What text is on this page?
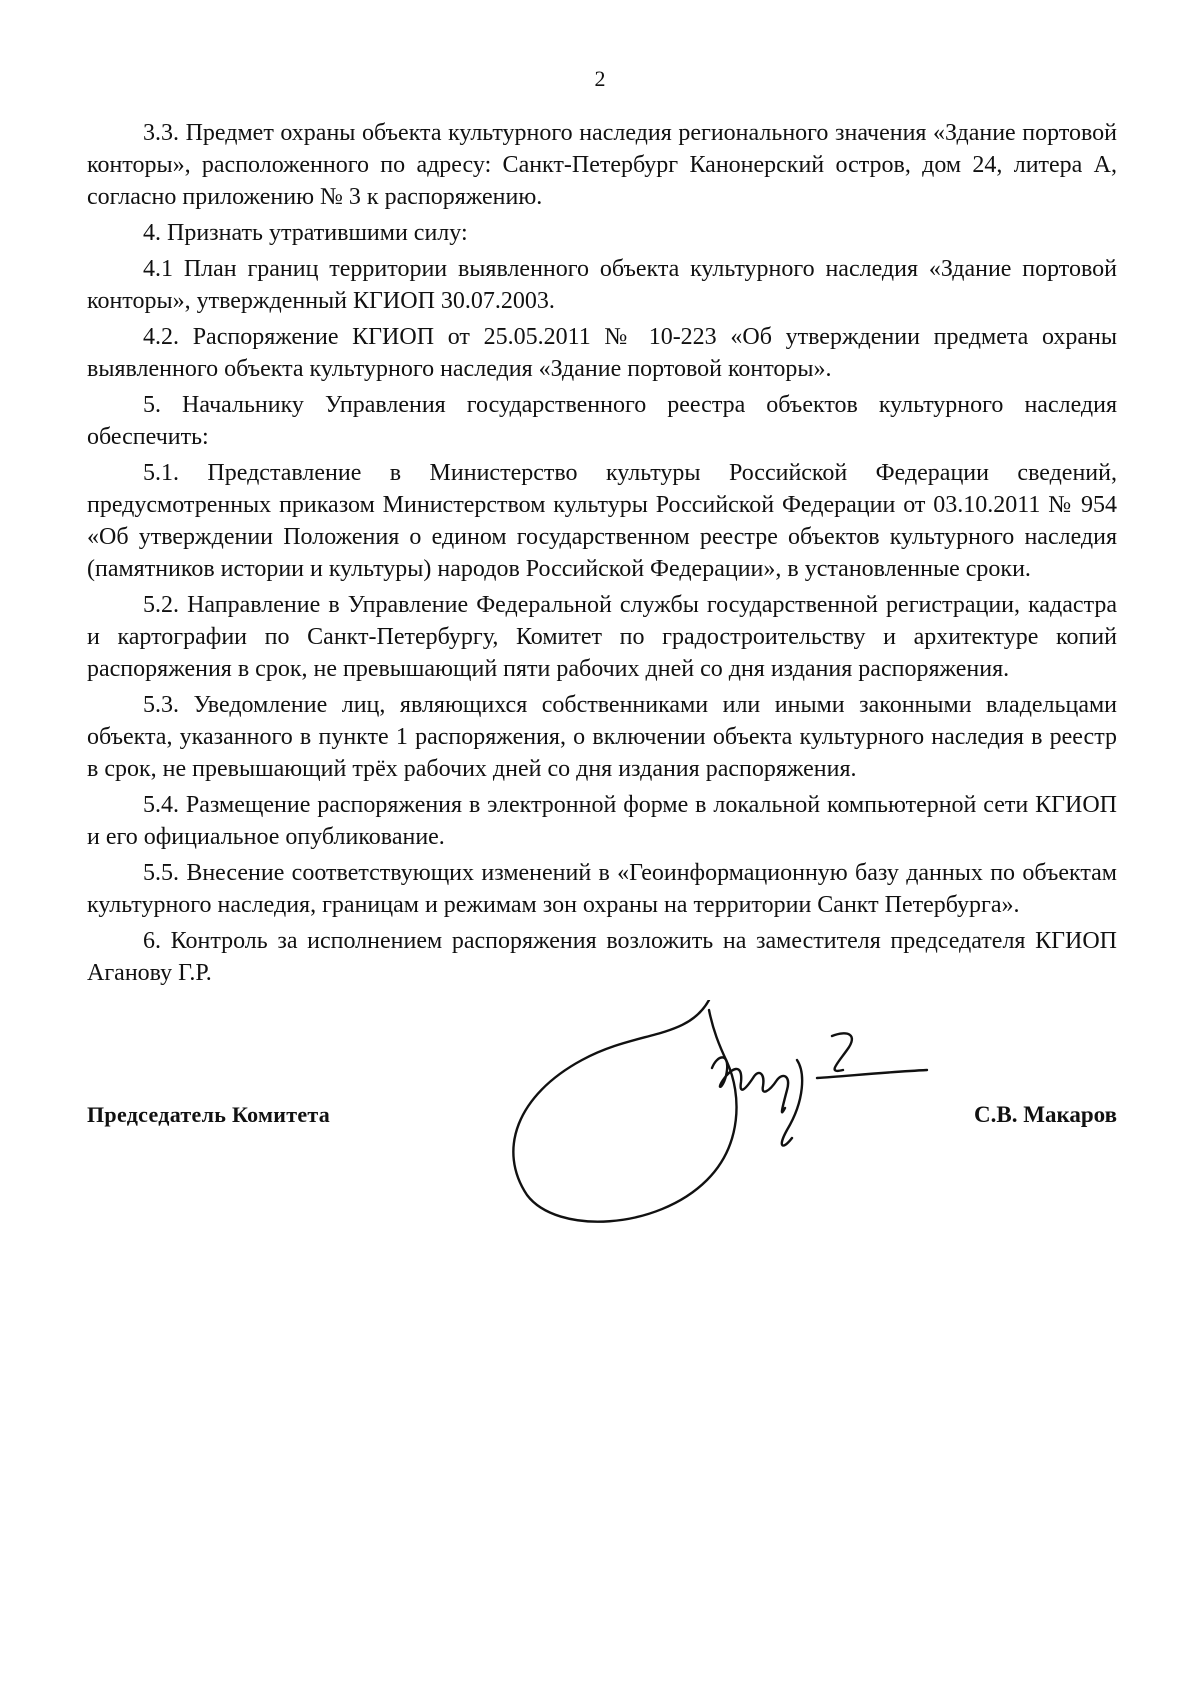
2

3.3. Предмет охраны объекта культурного наследия регионального значения «Здание портовой конторы», расположенного по адресу: Санкт-Петербург Канонерский остров, дом 24, литера А, согласно приложению № 3 к распоряжению.

4. Признать утратившими силу:

4.1 План границ территории выявленного объекта культурного наследия «Здание портовой конторы», утвержденный КГИОП 30.07.2003.

4.2. Распоряжение КГИОП от 25.05.2011 № 10-223 «Об утверждении предмета охраны выявленного объекта культурного наследия «Здание портовой конторы».

5. Начальнику Управления государственного реестра объектов культурного наследия обеспечить:

5.1. Представление в Министерство культуры Российской Федерации сведений, предусмотренных приказом Министерством культуры Российской Федерации от 03.10.2011 № 954 «Об утверждении Положения о едином государственном реестре объектов культурного наследия (памятников истории и культуры) народов Российской Федерации», в установленные сроки.

5.2. Направление в Управление Федеральной службы государственной регистрации, кадастра и картографии по Санкт-Петербургу, Комитет по градостроительству и архитектуре копий распоряжения в срок, не превышающий пяти рабочих дней со дня издания распоряжения.

5.3. Уведомление лиц, являющихся собственниками или иными законными владельцами объекта, указанного в пункте 1 распоряжения, о включении объекта культурного наследия в реестр в срок, не превышающий трёх рабочих дней со дня издания распоряжения.

5.4. Размещение распоряжения в электронной форме в локальной компьютерной сети КГИОП и его официальное опубликование.

5.5. Внесение соответствующих изменений в «Геоинформационную базу данных по объектам культурного наследия, границам и режимам зон охраны на территории Санкт Петербурга».

6. Контроль за исполнением распоряжения возложить на заместителя председателя КГИОП Аганову Г.Р.

Председатель Комитета	С.В. Макаров
